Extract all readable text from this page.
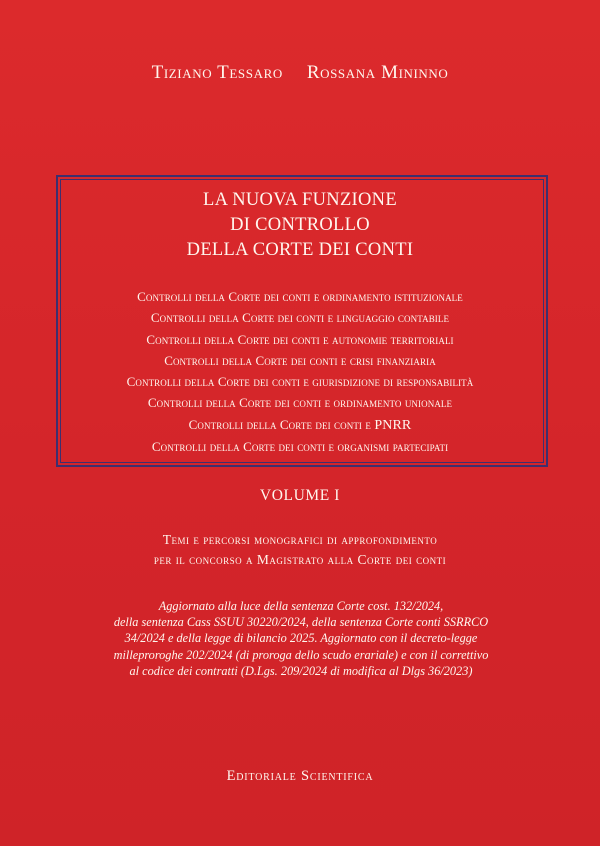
Tiziano Tessaro Rossana Mininno
LA NUOVA FUNZIONE
DI CONTROLLO
DELLA CORTE DEI CONTI
Controlli della Corte dei conti e ordinamento istituzionale
Controlli della Corte dei conti e linguaggio contabile
Controlli della Corte dei conti e autonomie territoriali
Controlli della Corte dei conti e crisi finanziaria
Controlli della Corte dei conti e giurisdizione di responsabilità
Controlli della Corte dei conti e ordinamento unionale
Controlli della Corte dei conti e PNRR
Controlli della Corte dei conti e organismi partecipati
VOLUME I
Temi e percorsi monografici di approfondimento
per il concorso a Magistrato alla Corte dei conti
Aggiornato alla luce della sentenza Corte cost. 132/2024,
della sentenza Cass SSUU 30220/2024, della sentenza Corte conti SSRRCO
34/2024 e della legge di bilancio 2025. Aggiornato con il decreto-legge
milleproroghe 202/2024 (di proroga dello scudo erariale) e con il correttivo
al codice dei contratti (D.Lgs. 209/2024 di modifica al Dlgs 36/2023)
Editoriale Scientifica
